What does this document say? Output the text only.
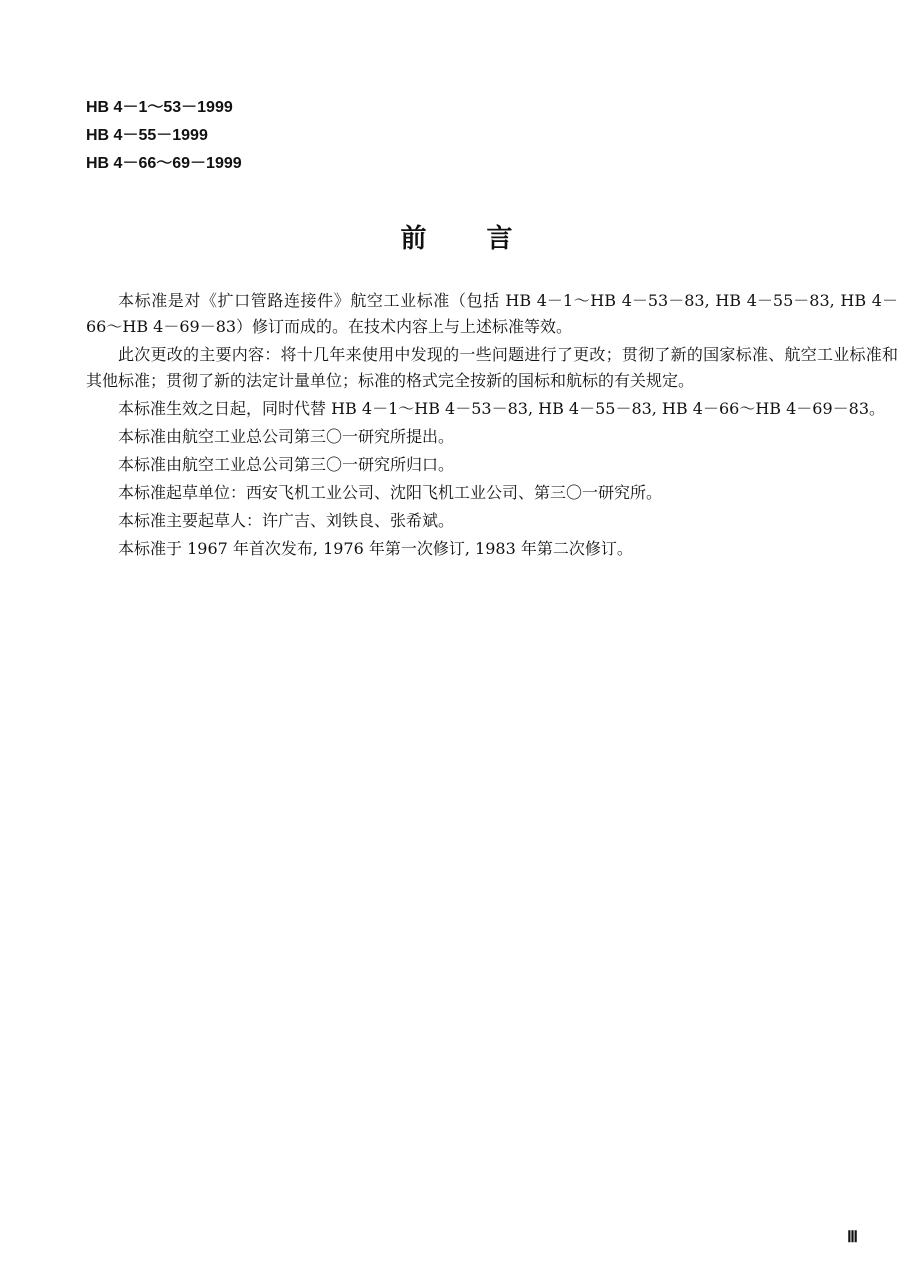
HB 4－1～53－1999
HB 4－55－1999
HB 4－66～69－1999
前言

本标准是对《扩口管路连接件》航空工业标准（包括 HB 4－1～HB 4－53－83, HB 4－55－83, HB 4－66～HB 4－69－83）修订而成的。在技术内容上与上述标准等效。

此次更改的主要内容：将十几年来使用中发现的一些问题进行了更改；贯彻了新的国家标准、航空工业标准和其他标准；贯彻了新的法定计量单位；标准的格式完全按新的国标和航标的有关规定。

本标准生效之日起，同时代替 HB 4－1～HB 4－53－83, HB 4－55－83, HB 4－66～HB 4－69－83。

本标准由航空工业总公司第三〇一研究所提出。

本标准由航空工业总公司第三〇一研究所归口。

本标准起草单位：西安飞机工业公司、沈阳飞机工业公司、第三〇一研究所。

本标准主要起草人：许广吉、刘铁良、张希斌。

本标准于 1967 年首次发布, 1976 年第一次修订, 1983 年第二次修订。

Ⅲ
